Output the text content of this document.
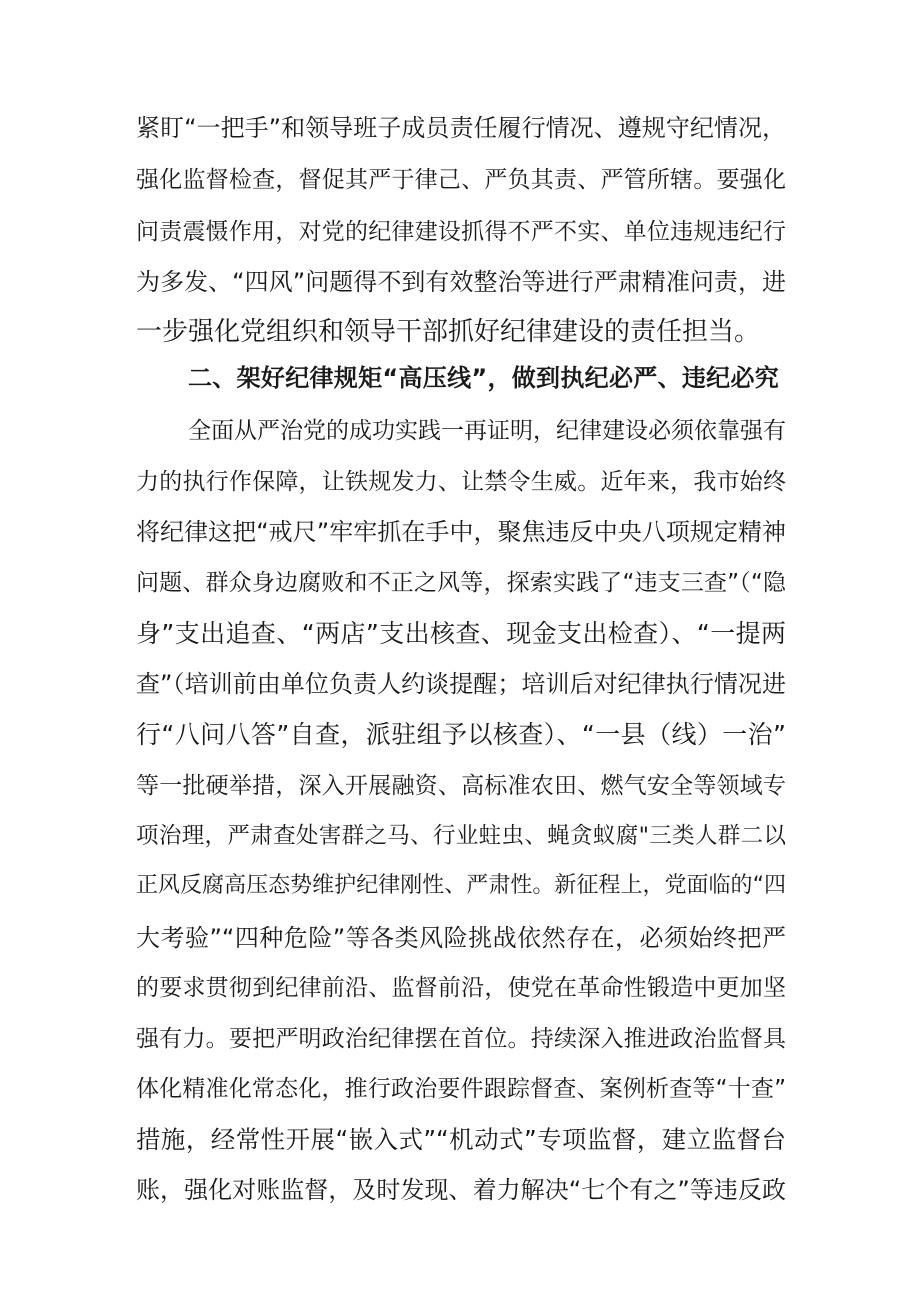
紧盯“一把手”和领导班子成员责任履行情况、遵规守纪情况，
强化监督检查，督促其严于律己、严负其责、严管所辖。要强化
问责震慑作用，对党的纪律建设抓得不严不实、单位违规违纪行
为多发、“四风”问题得不到有效整治等进行严肃精准问责，进
一步强化党组织和领导干部抓好纪律建设的责任担当。
二、架好纪律规矩“高压线”，做到执纪必严、违纪必究
全面从严治党的成功实践一再证明，纪律建设必须依靠强有
力的执行作保障，让铁规发力、让禁令生威。近年来，我市始终
将纪律这把“戒尺”牢牢抓在手中，聚焦违反中央八项规定精神
问题、群众身边腐败和不正之风等，探索实践了“违支三查”（“隐
身”支出追查、“两店”支出核查、现金支出检查）、“一提两
查”（培训前由单位负责人约谈提醒；培训后对纪律执行情况进
行“八问八答”自查，派驻组予以核查）、“一县（线）一治”
等一批硬举措，深入开展融资、高标准农田、燃气安全等领域专
项治理，严肃查处害群之马、行业蛀虫、蝇贪蚁腐"三类人群二以
正风反腐高压态势维护纪律刚性、严肃性。新征程上，党面临的“四
大考验”“四种危险”等各类风险挑战依然存在，必须始终把严
的要求贯彻到纪律前沿、监督前沿，使党在革命性锻造中更加坚
强有力。要把严明政治纪律摆在首位。持续深入推进政治监督具
体化精准化常态化，推行政治要件跟踪督查、案例析查等“十查”
措施，经常性开展“嵌入式”“机动式”专项监督，建立监督台
账，强化对账监督，及时发现、着力解决“七个有之”等违反政
